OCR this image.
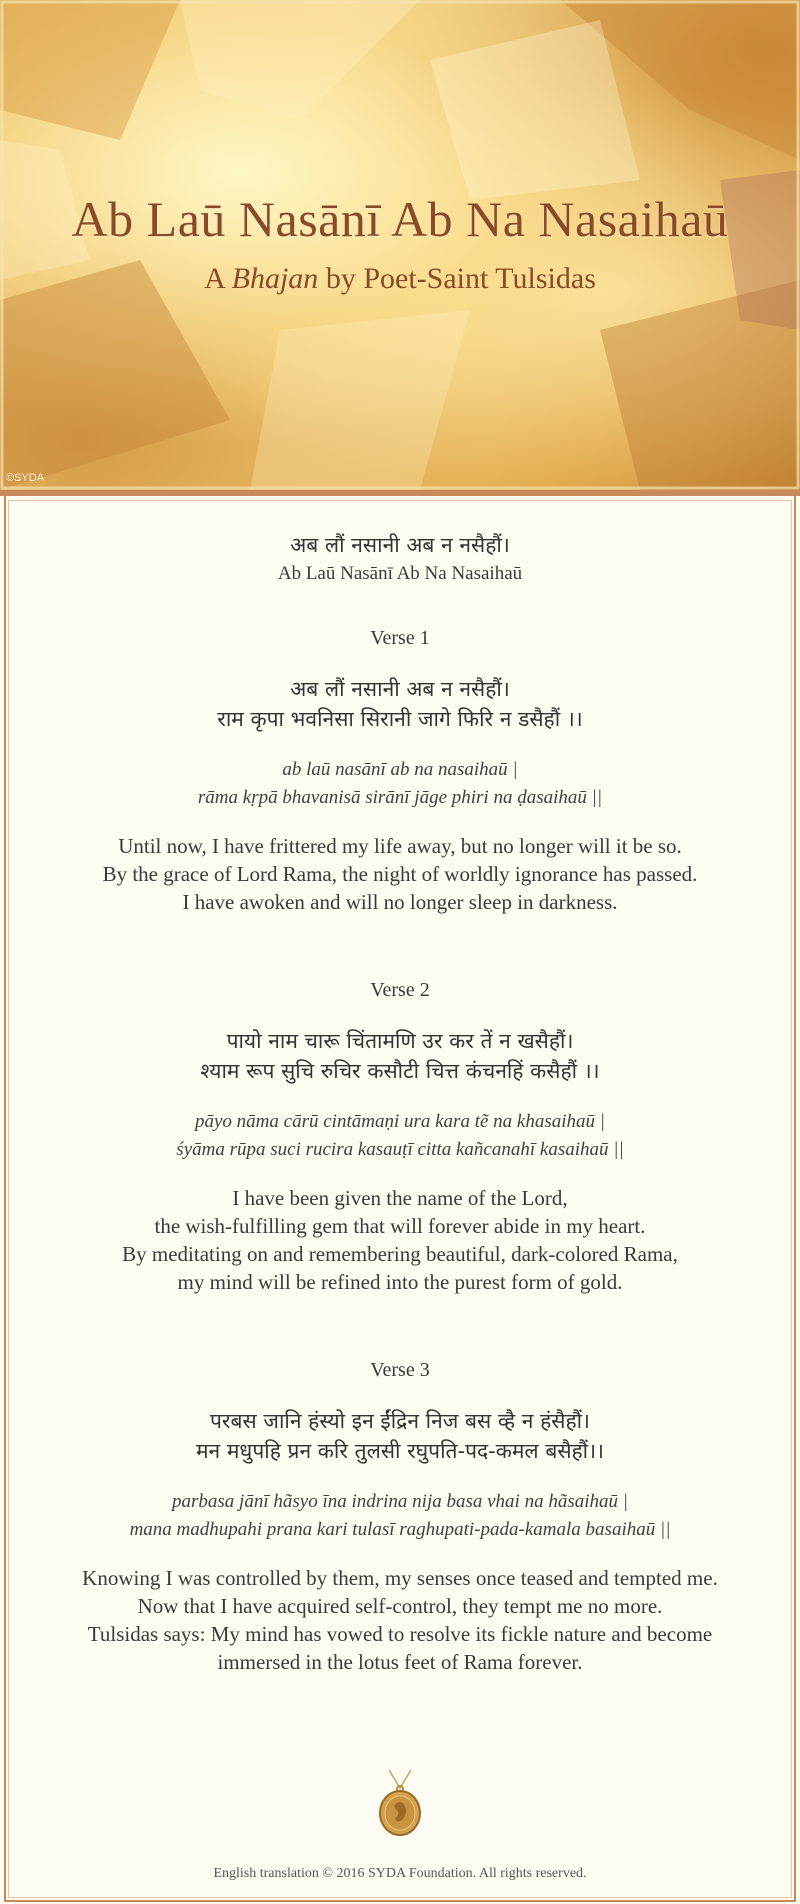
Ab Laū Nasānī Ab Na Nasaihaū
A Bhajan by Poet-Saint Tulsidas
©SYDA
अब लौं नसानी अब न नसैहौं।
Ab Laū Nasānī Ab Na Nasaihaū
Verse 1
अब लौं नसानी अब न नसैहौं।
राम कृपा भवनिसा सिरानी जागे फिरि न डसैहौं ।।
ab laū nasānī ab na nasaihaū |
rāma kṛpā bhavanisā sirānī jāge phiri na ḍasaihaū ||
Until now, I have frittered my life away, but no longer will it be so.
By the grace of Lord Rama, the night of worldly ignorance has passed.
I have awoken and will no longer sleep in darkness.
Verse 2
पायो नाम चारू चिंतामणि उर कर तें न खसैहौं।
श्याम रूप सुचि रुचिर कसौटी चित्त कंचनहिं कसैहौं ।।
pāyo nāma cārū cintāmaṇi ura kara tẽ na khasaihaū |
śyāma rūpa suci rucira kasauṭī citta kañcanahī kasaihaū ||
I have been given the name of the Lord,
the wish-fulfilling gem that will forever abide in my heart.
By meditating on and remembering beautiful, dark-colored Rama,
my mind will be refined into the purest form of gold.
Verse 3
परबस जानि हंस्यो इन ईंद्रिन निज बस व्है न हंसैहौं।
मन मधुपहि प्रन करि तुलसी रघुपति-पद-कमल बसैहौं।।
parbasa jānī hãsyo īna indrina nija basa vhai na hãsaihaū |
mana madhupahi prana kari tulasī raghupati-pada-kamala basaihaū ||
Knowing I was controlled by them, my senses once teased and tempted me.
Now that I have acquired self-control, they tempt me no more.
Tulsidas says: My mind has vowed to resolve its fickle nature and become
immersed in the lotus feet of Rama forever.
English translation © 2016 SYDA Foundation. All rights reserved.
